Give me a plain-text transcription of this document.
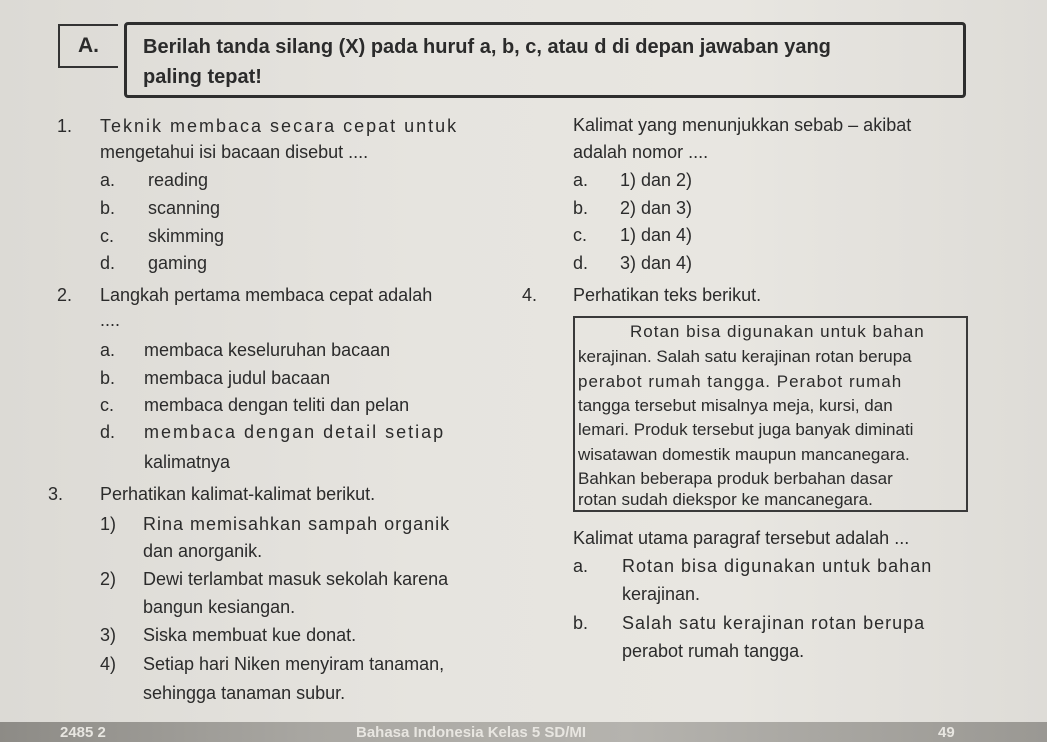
A.	Berilah tanda silang (X) pada huruf a, b, c, atau d di depan jawaban yang
paling tepat!
1. Teknik membaca secara cepat untuk
mengetahui isi bacaan disebut ....
a. reading
b. scanning
c. skimming
d. gaming
2. Langkah pertama membaca cepat adalah
....
a. membaca keseluruhan bacaan
b. membaca judul bacaan
c. membaca dengan teliti dan pelan
d. membaca dengan detail setiap
kalimatnya
3. Perhatikan kalimat-kalimat berikut.
1) Rina memisahkan sampah organik
dan anorganik.
2) Dewi terlambat masuk sekolah karena
bangun kesiangan.
3) Siska membuat kue donat.
4) Setiap hari Niken menyiram tanaman,
sehingga tanaman subur.
Kalimat yang menunjukkan sebab – akibat
adalah nomor ....
a. 1) dan 2)
b. 2) dan 3)
c. 1) dan 4)
d. 3) dan 4)
4. Perhatikan teks berikut.
Rotan bisa digunakan untuk bahan
kerajinan. Salah satu kerajinan rotan berupa
perabot rumah tangga. Perabot rumah
tangga tersebut misalnya meja, kursi, dan
lemari. Produk tersebut juga banyak diminati
wisatawan domestik maupun mancanegara.
Bahkan beberapa produk berbahan dasar
rotan sudah diekspor ke mancanegara.
Kalimat utama paragraf tersebut adalah ...
a. Rotan bisa digunakan untuk bahan
kerajinan.
b. Salah satu kerajinan rotan berupa
perabot rumah tangga.
2485 2	Bahasa Indonesia Kelas 5 SD/MI	49
